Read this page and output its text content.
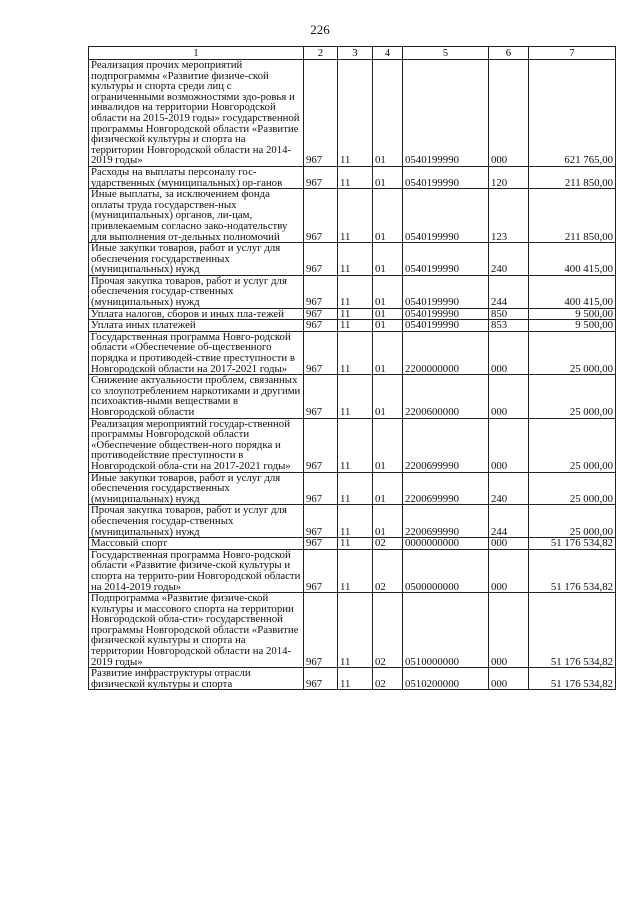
226
1	2	3	4	5	6	7
Реализация прочих мероприятий подпрограммы «Развитие физиче-ской культуры и спорта среди лиц с ограниченными возможностями здо-ровья и инвалидов на территории Новгородской области на 2015-2019 годы» государственной программы Новгородской области «Развитие физической культуры и спорта на территории Новгородской области на 2014-2019 годы»	967	11	01	0540199990	000	621 765,00
Расходы на выплаты персоналу гос-ударственных (муниципальных) ор-ганов	967	11	01	0540199990	120	211 850,00
Иные выплаты, за исключением фонда оплаты труда государствен-ных (муниципальных) органов, ли-цам, привлекаемым согласно зако-нодательству для выполнения от-дельных полномочий	967	11	01	0540199990	123	211 850,00
Иные закупки товаров, работ и услуг для обеспечения государственных (муниципальных) нужд	967	11	01	0540199990	240	400 415,00
Прочая закупка товаров, работ и услуг для обеспечения государ-ственных (муниципальных) нужд	967	11	01	0540199990	244	400 415,00
Уплата налогов, сборов и иных пла-тежей	967	11	01	0540199990	850	9 500,00
Уплата иных платежей	967	11	01	0540199990	853	9 500,00
Государственная программа Новго-родской области «Обеспечение об-щественного порядка и противодей-ствие преступности в Новгородской области на 2017-2021 годы»	967	11	01	2200000000	000	25 000,00
Снижение актуальности проблем, связанных со злоупотреблением наркотиками и другими психоактив-ными веществами в Новгородской области	967	11	01	2200600000	000	25 000,00
Реализация мероприятий государ-ственной программы Новгородской области «Обеспечение обществен-ного порядка и противодействие преступности в Новгородской обла-сти на 2017-2021 годы»	967	11	01	2200699990	000	25 000,00
Иные закупки товаров, работ и услуг для обеспечения государственных (муниципальных) нужд	967	11	01	2200699990	240	25 000,00
Прочая закупка товаров, работ и услуг для обеспечения государ-ственных (муниципальных) нужд	967	11	01	2200699990	244	25 000,00
Массовый спорт	967	11	02	0000000000	000	51 176 534,82
Государственная программа Новго-родской области «Развитие физиче-ской культуры и спорта на террито-рии Новгородской области на 2014-2019 годы»	967	11	02	0500000000	000	51 176 534,82
Подпрограмма «Развитие физиче-ской культуры и массового спорта на территории Новгородской обла-сти» государственной программы Новгородской области «Развитие физической культуры и спорта на территории Новгородской области на 2014-2019 годы»	967	11	02	0510000000	000	51 176 534,82
Развитие инфраструктуры отрасли физической культуры и спорта	967	11	02	0510200000	000	51 176 534,82
